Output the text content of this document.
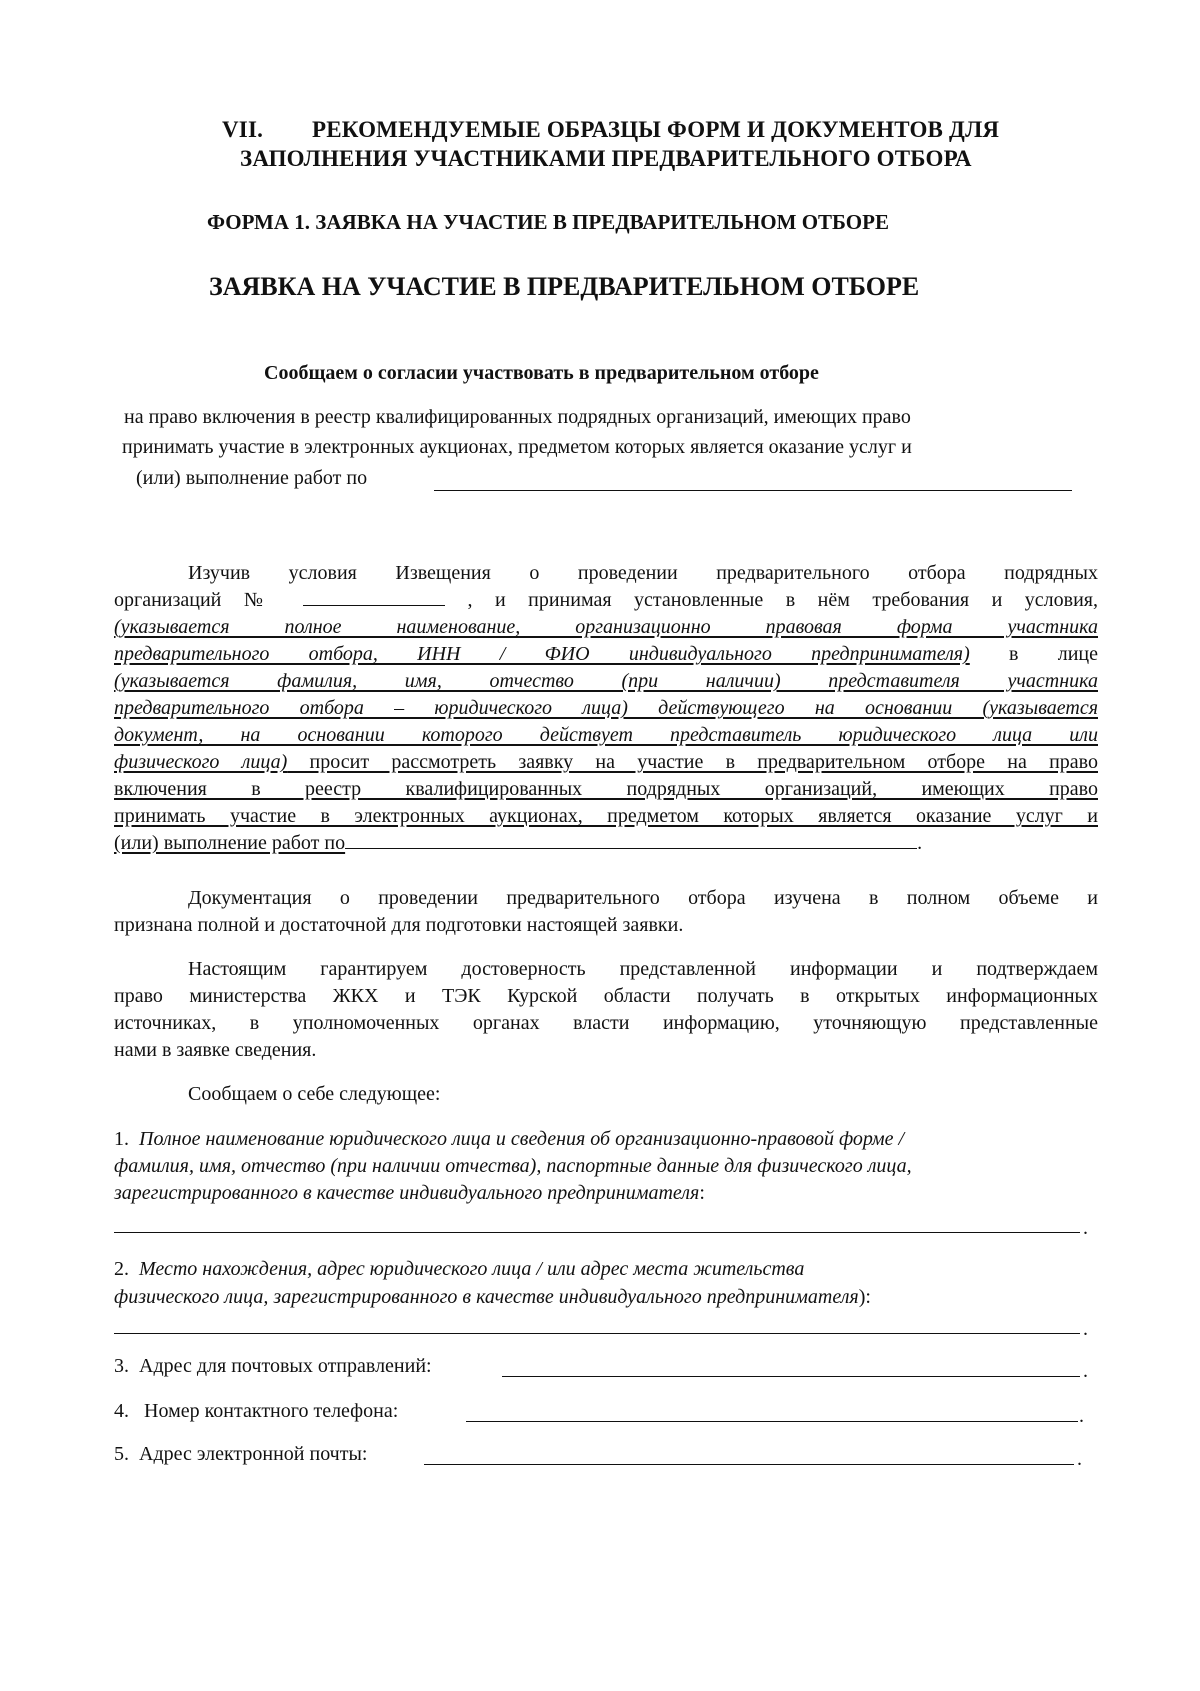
VII. РЕКОМЕНДУЕМЫЕ ОБРАЗЦЫ ФОРМ И ДОКУМЕНТОВ ДЛЯ
ЗАПОЛНЕНИЯ УЧАСТНИКАМИ ПРЕДВАРИТЕЛЬНОГО ОТБОРА
ФОРМА 1. ЗАЯВКА НА УЧАСТИЕ В ПРЕДВАРИТЕЛЬНОМ ОТБОРЕ
ЗАЯВКА НА УЧАСТИЕ В ПРЕДВАРИТЕЛЬНОМ ОТБОРЕ
Сообщаем о согласии участвовать в предварительном отборе
на право включения в реестр квалифицированных подрядных организаций, имеющих право
принимать участие в электронных аукционах, предметом которых является оказание услуг и
(или) выполнение работ по
Изучив условия Извещения о проведении предварительного отбора подрядных
организаций №	, и принимая установленные в нём требования и условия,
(указывается полное наименование, организационно правовая форма участника
предварительного отбора, ИНН / ФИО индивидуального предпринимателя) в лице
(указывается фамилия, имя, отчество (при наличии) представителя участника
предварительного отбора – юридического лица) действующего на основании (указывается
документ, на основании которого действует представитель юридического лица или
физического лица) просит рассмотреть заявку на участие в предварительном отборе на право
включения в реестр квалифицированных подрядных организаций, имеющих право
принимать участие в электронных аукционах, предметом которых является оказание услуг и
(или) выполнение работ по	.
Документация о проведении предварительного отбора изучена в полном объеме и
признана полной и достаточной для подготовки настоящей заявки.
Настоящим гарантируем достоверность представленной информации и подтверждаем
право министерства ЖКХ и ТЭК Курской области получать в открытых информационных
источниках, в уполномоченных органах власти информацию, уточняющую представленные
нами в заявке сведения.
Сообщаем о себе следующее:
1. Полное наименование юридического лица и сведения об организационно-правовой форме /
фамилия, имя, отчество (при наличии отчества), паспортные данные для физического лица,
зарегистрированного в качестве индивидуального предпринимателя:
.
2. Место нахождения, адрес юридического лица / или адрес места жительства
физического лица, зарегистрированного в качестве индивидуального предпринимателя):
.
3.  Адрес для почтовых отправлений:	.
4.   Номер контактного телефона:	.
5.  Адрес электронной почты:	.
